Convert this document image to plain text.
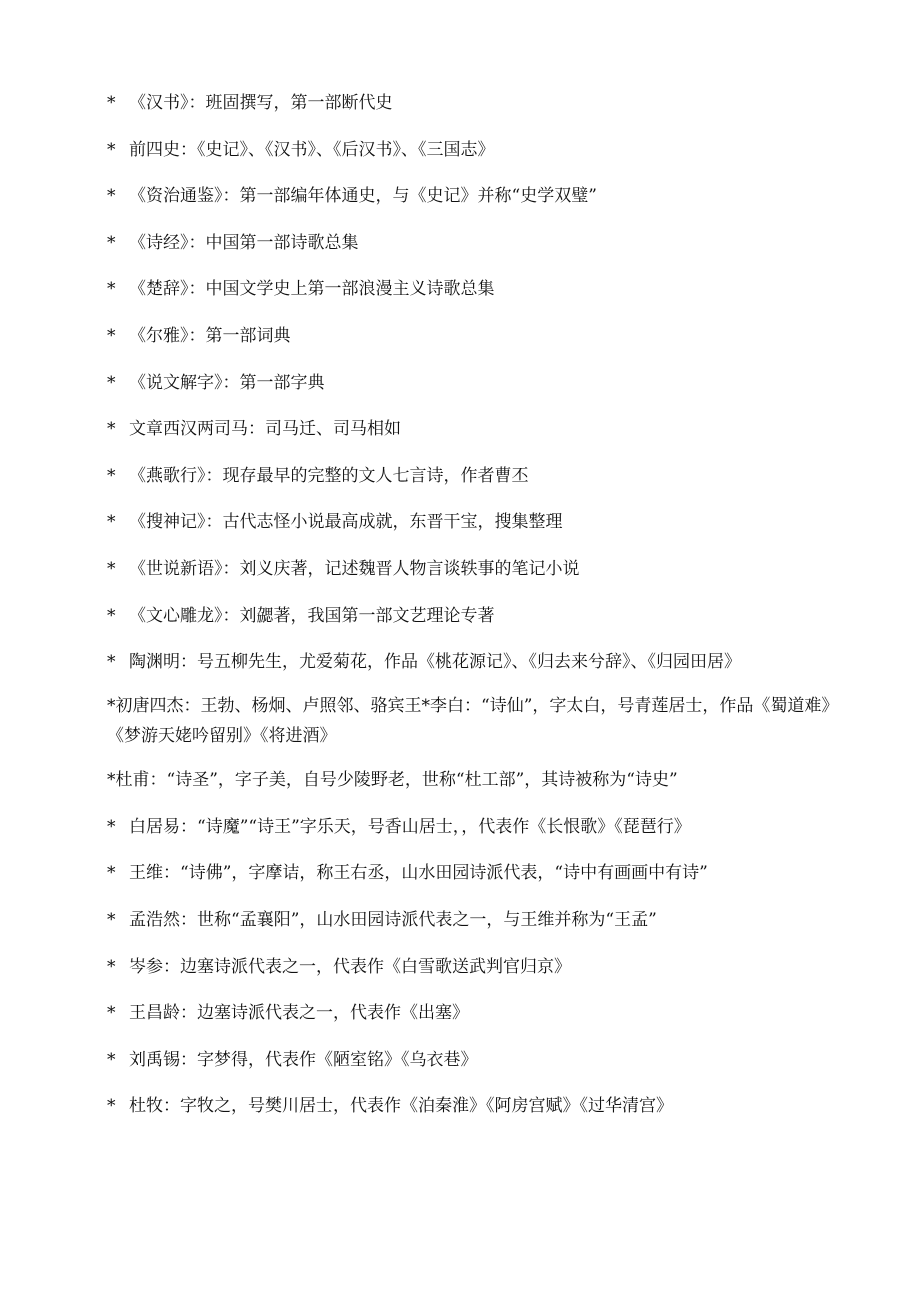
* 《汉书》：班固撰写，第一部断代史
* 前四史：《史记》、《汉书》、《后汉书》、《三国志》
* 《资治通鉴》：第一部编年体通史，与《史记》并称“史学双璧”
* 《诗经》：中国第一部诗歌总集
* 《楚辞》：中国文学史上第一部浪漫主义诗歌总集
* 《尔雅》：第一部词典
* 《说文解字》：第一部字典
* 文章西汉两司马：司马迁、司马相如
* 《燕歌行》：现存最早的完整的文人七言诗，作者曹丕
* 《搜神记》：古代志怪小说最高成就，东晋干宝，搜集整理
* 《世说新语》：刘义庆著，记述魏晋人物言谈轶事的笔记小说
* 《文心雕龙》：刘勰著，我国第一部文艺理论专著
* 陶渊明：号五柳先生，尤爱菊花，作品《桃花源记》、《归去来兮辞》、《归园田居》
*初唐四杰：王勃、杨炯、卢照邻、骆宾王*李白：“诗仙”，字太白，号青莲居士，作品《蜀道难》《梦游天姥吟留别》《将进酒》
*杜甫：“诗圣”，字子美，自号少陵野老，世称“杜工部”，其诗被称为“诗史”
* 白居易：“诗魔”“诗王”字乐天，号香山居士，，代表作《长恨歌》《琵琶行》
* 王维：“诗佛”，字摩诘，称王右丞，山水田园诗派代表，“诗中有画画中有诗”
* 孟浩然：世称“孟襄阳”，山水田园诗派代表之一，与王维并称为“王孟”
* 岑参：边塞诗派代表之一，代表作《白雪歌送武判官归京》
* 王昌龄：边塞诗派代表之一，代表作《出塞》
* 刘禹锡：字梦得，代表作《陋室铭》《乌衣巷》
* 杜牧：字牧之，号樊川居士，代表作《泊秦淮》《阿房宫赋》《过华清宫》
